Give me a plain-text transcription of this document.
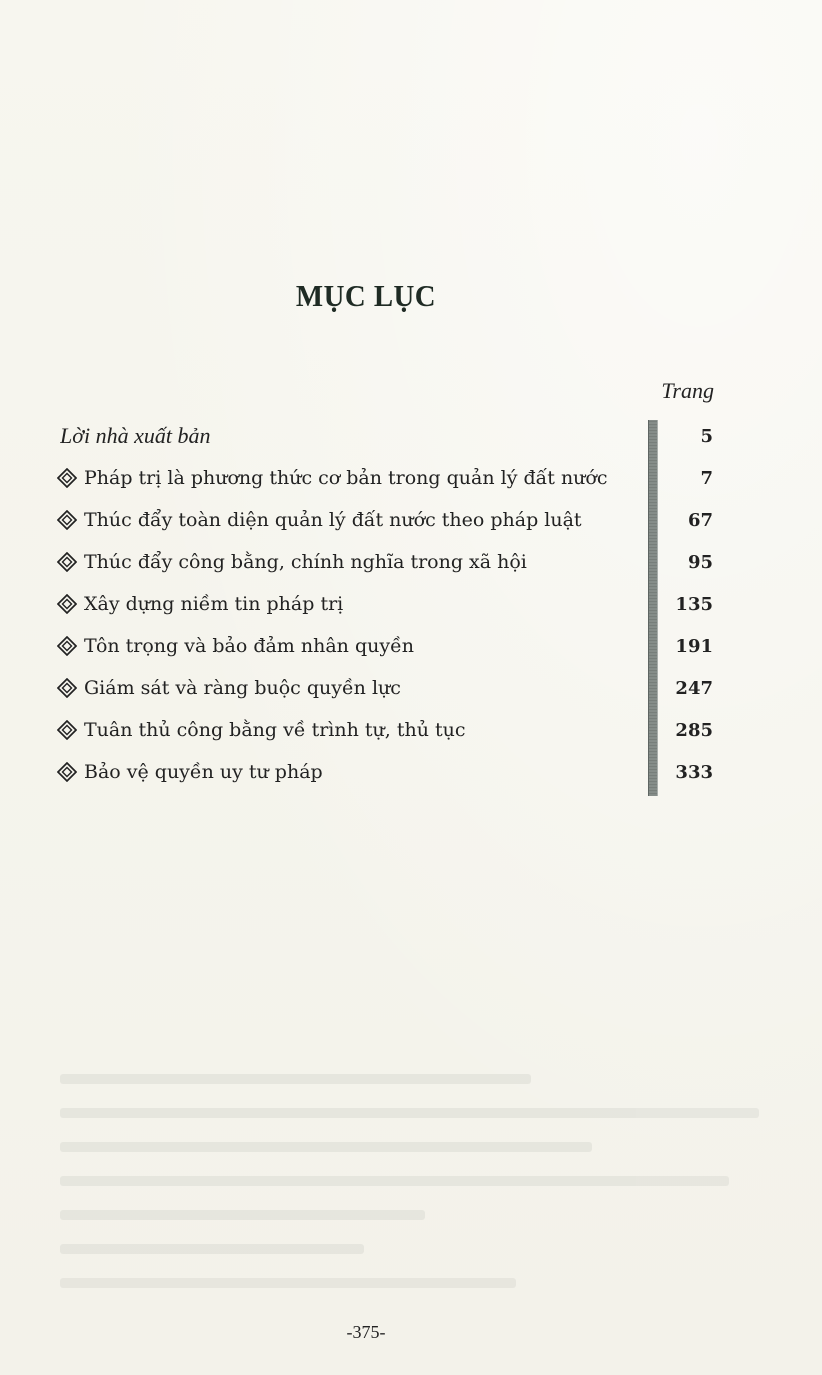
MỤC LỤC
Trang
Lời nhà xuất bản	5
Pháp trị là phương thức cơ bản trong quản lý đất nước	7
Thúc đẩy toàn diện quản lý đất nước theo pháp luật	67
Thúc đẩy công bằng, chính nghĩa trong xã hội	95
Xây dựng niềm tin pháp trị	135
Tôn trọng và bảo đảm nhân quyền	191
Giám sát và ràng buộc quyền lực	247
Tuân thủ công bằng về trình tự, thủ tục	285
Bảo vệ quyền uy tư pháp	333
-375-
